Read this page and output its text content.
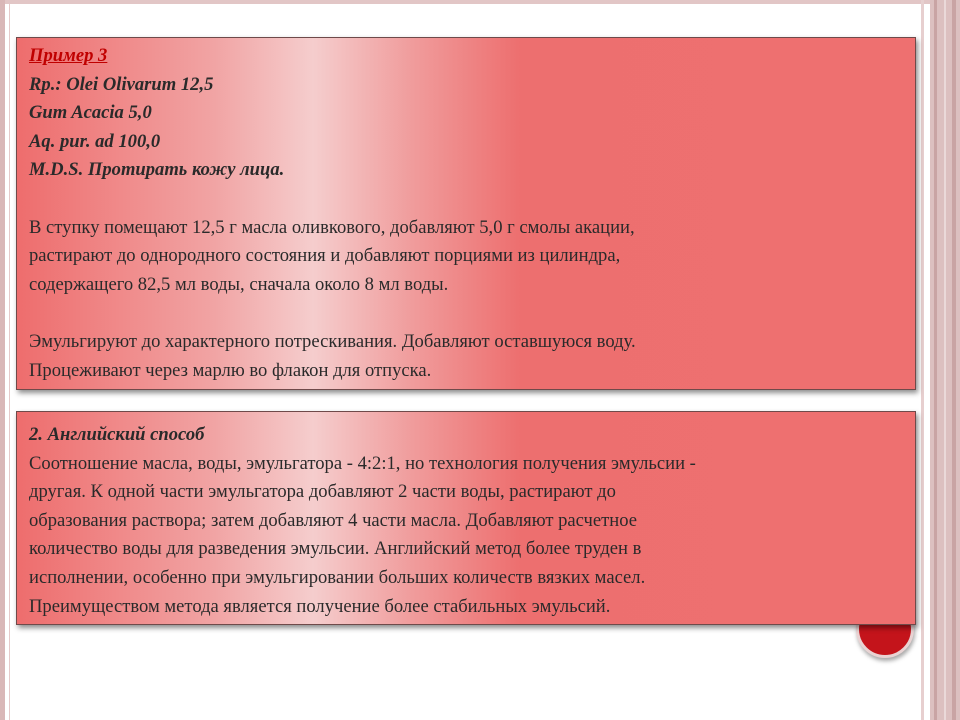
Пример 3
Rp.: Olei Olivarum 12,5
Gum Acacia 5,0
Aq. pur. ad 100,0
M.D.S. Протирать кожу лица.
В ступку помещают 12,5 г масла оливкового, добавляют 5,0 г смолы акации,
растирают до однородного состояния и добавляют порциями из цилиндра,
содержащего 82,5 мл воды, сначала около 8 мл воды.
Эмульгируют до характерного потрескивания. Добавляют оставшуюся воду.
Процеживают через марлю во флакон для отпуска.
2. Английский способ
Соотношение масла, воды, эмульгатора - 4:2:1, но технология получения эмульсии -
другая. К одной части эмульгатора добавляют 2 части воды, растирают до
образования раствора; затем добавляют 4 части масла. Добавляют расчетное
количество воды для разведения эмульсии. Английский метод более труден в
исполнении, особенно при эмульгировании больших количеств вязких масел.
Преимуществом метода является получение более стабильных эмульсий.
